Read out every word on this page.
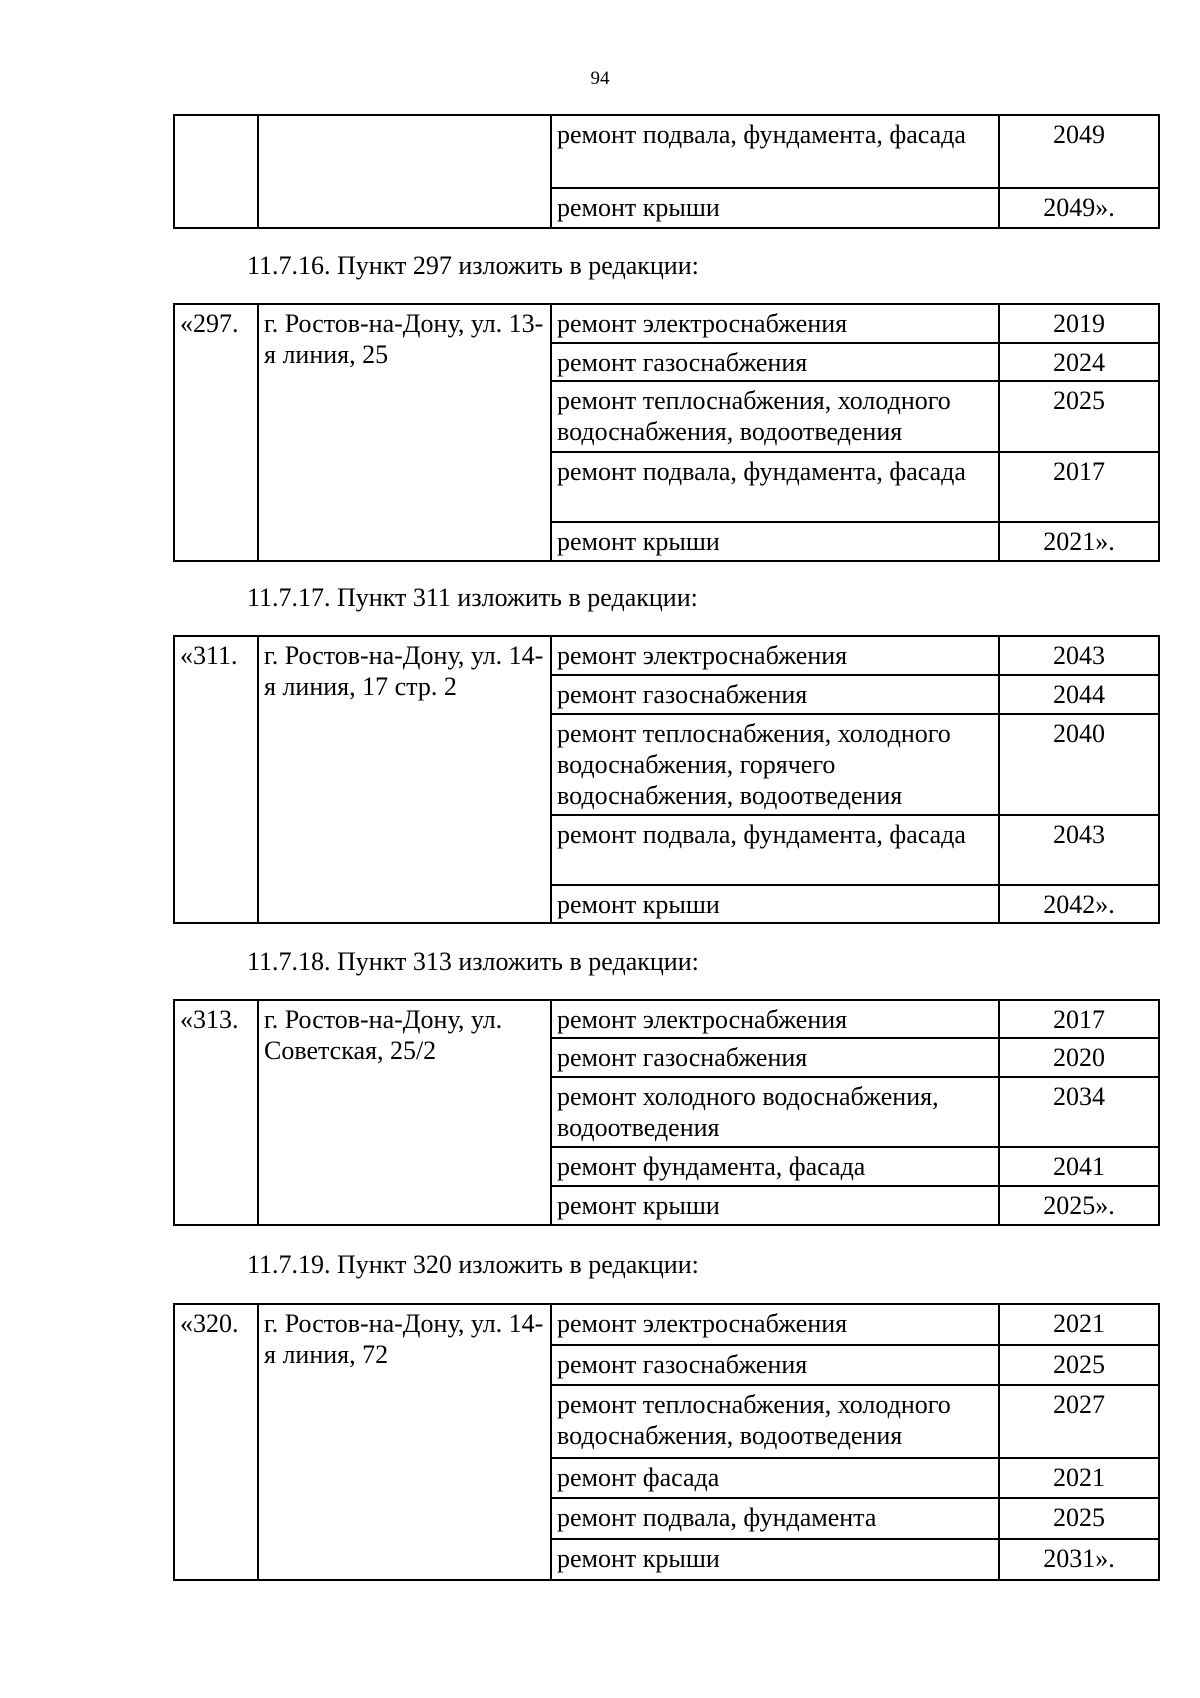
94
		ремонт подвала, фундамента, фасада	2049
		ремонт крыши	2049».
11.7.16. Пункт 297 изложить в редакции:
«297.	г. Ростов-на-Дону, ул. 13-я линия, 25	ремонт электроснабжения	2019
		ремонт газоснабжения	2024
		ремонт теплоснабжения, холодного водоснабжения, водоотведения	2025
		ремонт подвала, фундамента, фасада	2017
		ремонт крыши	2021».
11.7.17. Пункт 311 изложить в редакции:
«311.	г. Ростов-на-Дону, ул. 14-я линия, 17 стр. 2	ремонт электроснабжения	2043
		ремонт газоснабжения	2044
		ремонт теплоснабжения, холодного водоснабжения, горячего водоснабжения, водоотведения	2040
		ремонт подвала, фундамента, фасада	2043
		ремонт крыши	2042».
11.7.18. Пункт 313 изложить в редакции:
«313.	г. Ростов-на-Дону, ул. Советская, 25/2	ремонт электроснабжения	2017
		ремонт газоснабжения	2020
		ремонт холодного водоснабжения, водоотведения	2034
		ремонт фундамента, фасада	2041
		ремонт крыши	2025».
11.7.19. Пункт 320 изложить в редакции:
«320.	г. Ростов-на-Дону, ул. 14-я линия, 72	ремонт электроснабжения	2021
		ремонт газоснабжения	2025
		ремонт теплоснабжения, холодного водоснабжения, водоотведения	2027
		ремонт фасада	2021
		ремонт подвала, фундамента	2025
		ремонт крыши	2031».
